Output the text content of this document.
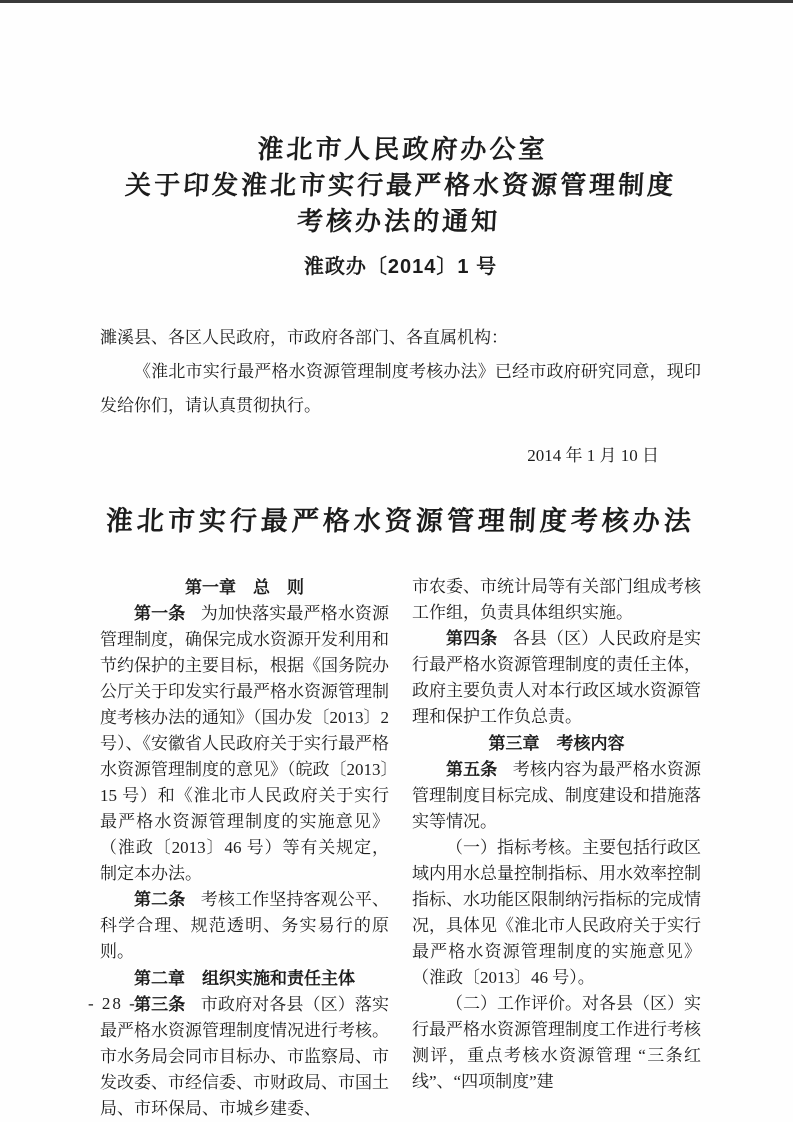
淮北市人民政府办公室
关于印发淮北市实行最严格水资源管理制度
考核办法的通知
淮政办〔2014〕1 号
濉溪县、各区人民政府，市政府各部门、各直属机构：

《淮北市实行最严格水资源管理制度考核办法》已经市政府研究同意，现印发给你们，请认真贯彻执行。

2014 年 1 月 10 日
淮北市实行最严格水资源管理制度考核办法

第一章　总　则

第一条 为加快落实最严格水资源管理制度，确保完成水资源开发利用和节约保护的主要目标，根据《国务院办公厅关于印发实行最严格水资源管理制度考核办法的通知》（国办发〔2013〕2 号）、《安徽省人民政府关于实行最严格水资源管理制度的意见》（皖政〔2013〕15 号）和《淮北市人民政府关于实行最严格水资源管理制度的实施意见》（淮政〔2013〕46 号）等有关规定，制定本办法。

第二条 考核工作坚持客观公平、科学合理、规范透明、务实易行的原则。

第二章　组织实施和责任主体

第三条 市政府对各县（区）落实最严格水资源管理制度情况进行考核。市水务局会同市目标办、市监察局、市发改委、市经信委、市财政局、市国土局、市环保局、市城乡建委、

市农委、市统计局等有关部门组成考核工作组，负责具体组织实施。

第四条 各县（区）人民政府是实行最严格水资源管理制度的责任主体，政府主要负责人对本行政区域水资源管理和保护工作负总责。

第三章　考核内容

第五条 考核内容为最严格水资源管理制度目标完成、制度建设和措施落实等情况。

（一）指标考核。主要包括行政区域内用水总量控制指标、用水效率控制指标、水功能区限制纳污指标的完成情况，具体见《淮北市人民政府关于实行最严格水资源管理制度的实施意见》（淮政〔2013〕46 号）。

（二）工作评价。对各县（区）实行最严格水资源管理制度工作进行考核测评，重点考核水资源管理 “三条红线”、“四项制度”建

- 28 -
